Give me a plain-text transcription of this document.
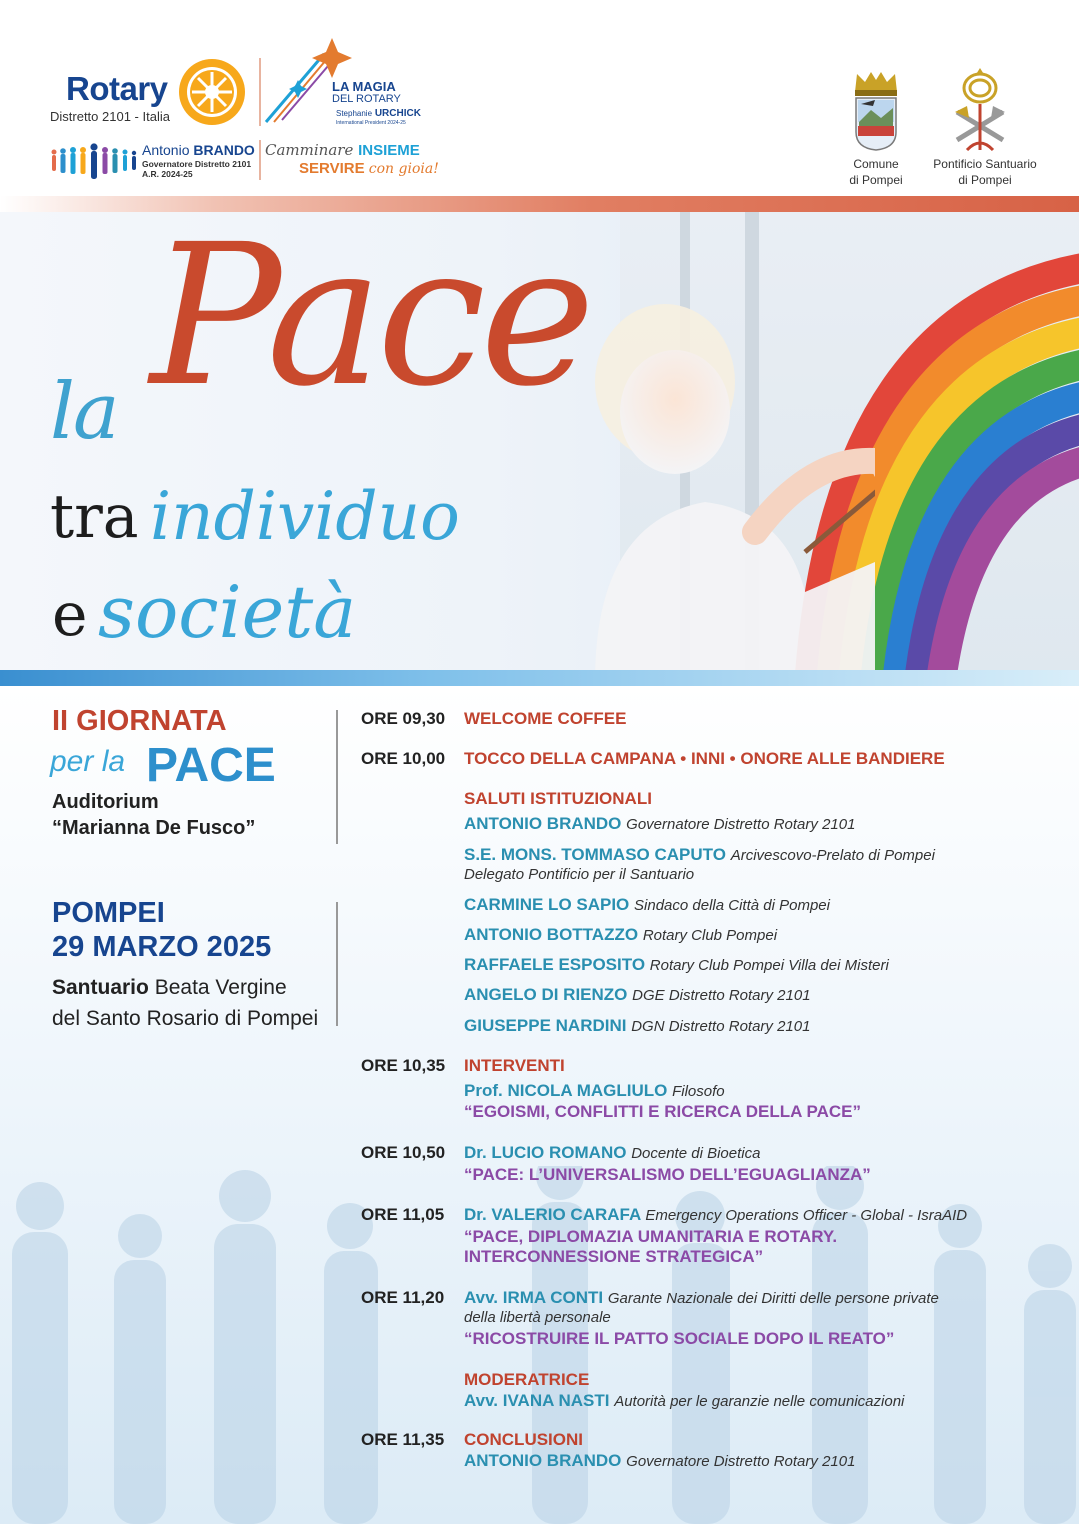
Rotary
Distretto 2101 - Italia
Antonio BRANDO
Governatore Distretto 2101
A.R. 2024-25
LA MAGIA
DEL ROTARY
Stephanie URCHICK
International President 2024-25
Camminare INSIEME
SERVIRE con gioia!	Comune
di Pompei
Pontificio Santuario
di Pompei
la Pace
tra individuo
e società
II GIORNATA
per la PACE
Auditorium
“Marianna De Fusco”
POMPEI
29 MARZO 2025
Santuario Beata Vergine
del Santo Rosario di Pompei
ORE 09,30 WELCOME COFFEE
ORE 10,00 TOCCO DELLA CAMPANA • INNI • ONORE ALLE BANDIERE
SALUTI ISTITUZIONALI
ANTONIO BRANDO Governatore Distretto Rotary 2101
S.E. MONS. TOMMASO CAPUTO Arcivescovo-Prelato di Pompei
Delegato Pontificio per il Santuario
CARMINE LO SAPIO Sindaco della Città di Pompei
ANTONIO BOTTAZZO Rotary Club Pompei
RAFFAELE ESPOSITO Rotary Club Pompei Villa dei Misteri
ANGELO DI RIENZO DGE Distretto Rotary 2101
GIUSEPPE NARDINI DGN Distretto Rotary 2101
ORE 10,35 INTERVENTI
Prof. NICOLA MAGLIULO Filosofo
“EGOISMI, CONFLITTI E RICERCA DELLA PACE”
ORE 10,50 Dr. LUCIO ROMANO Docente di Bioetica
“PACE: L’UNIVERSALISMO DELL’EGUAGLIANZA”
ORE 11,05 Dr. VALERIO CARAFA Emergency Operations Officer - Global - IsraAID
“PACE, DIPLOMAZIA UMANITARIA E ROTARY.
INTERCONNESSIONE STRATEGICA”
ORE 11,20 Avv. IRMA CONTI Garante Nazionale dei Diritti delle persone private
della libertà personale
“RICOSTRUIRE IL PATTO SOCIALE DOPO IL REATO”
MODERATRICE
Avv. IVANA NASTI Autorità per le garanzie nelle comunicazioni
ORE 11,35 CONCLUSIONI
ANTONIO BRANDO Governatore Distretto Rotary 2101
